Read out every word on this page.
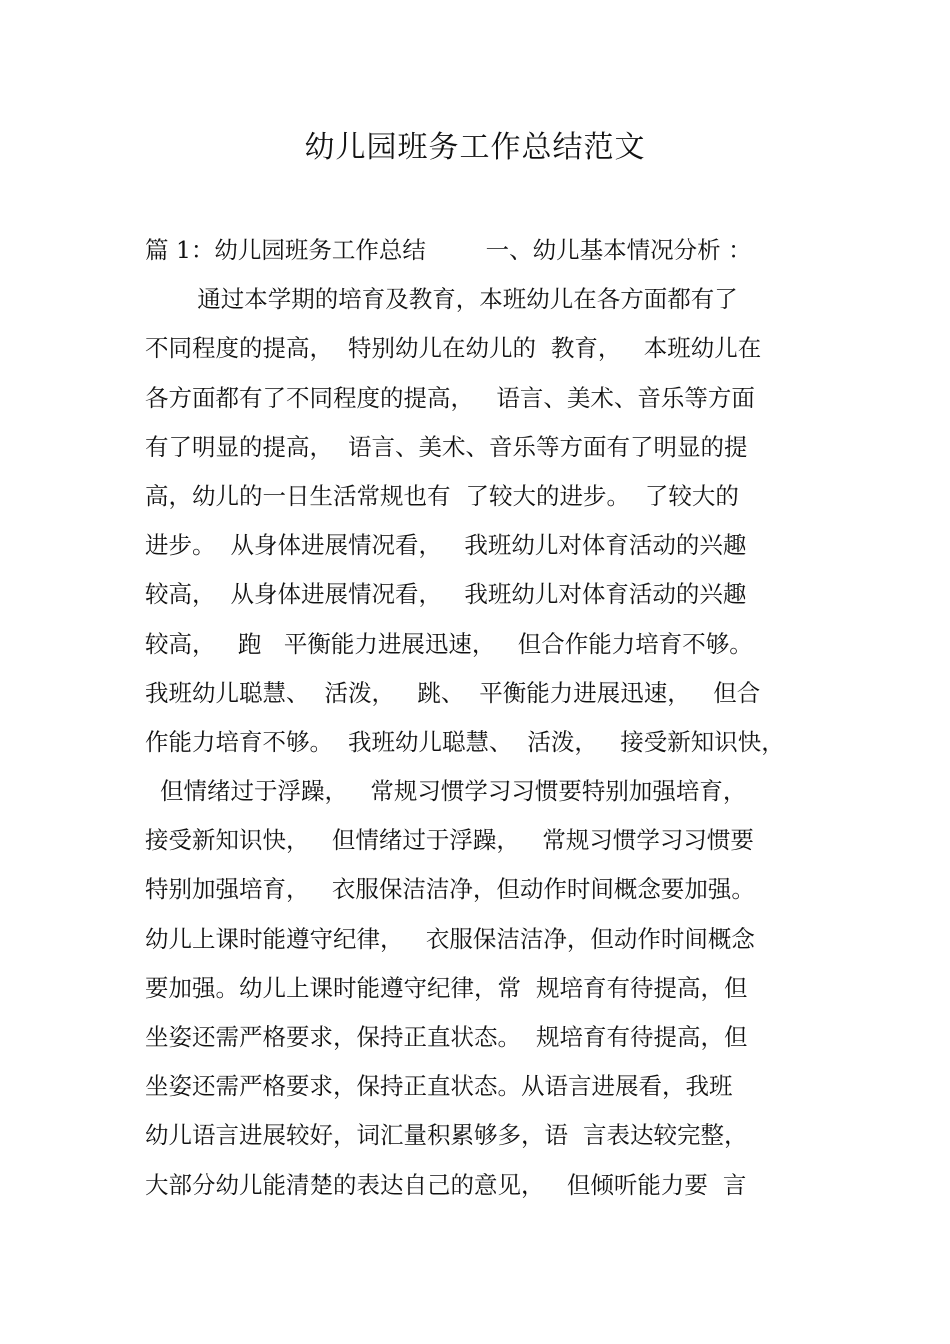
幼儿园班务工作总结范文
篇 1：幼儿园班务工作总结        一、幼儿基本情况分析 ：
通过本学期的培育及教育，本班幼儿在各方面都有了
不同程度的提高，  特别幼儿在幼儿的  教育，   本班幼儿在
各方面都有了不同程度的提高，   语言、美术、音乐等方面
有了明显的提高，  语言、美术、音乐等方面有了明显的提
高，幼儿的一日生活常规也有  了较大的进步。  了较大的
进步。  从身体进展情况看，   我班幼儿对体育活动的兴趣
较高，  从身体进展情况看，   我班幼儿对体育活动的兴趣
较高，   跑   平衡能力进展迅速，   但合作能力培育不够。
我班幼儿聪慧、  活泼，   跳、  平衡能力进展迅速，   但合
作能力培育不够。  我班幼儿聪慧、  活泼，   接受新知识快，
但情绪过于浮躁，   常规习惯学习习惯要特别加强培育，
接受新知识快，   但情绪过于浮躁，   常规习惯学习习惯要
特别加强培育，   衣服保洁洁净，但动作时间概念要加强。
幼儿上课时能遵守纪律，   衣服保洁洁净，但动作时间概念
要加强。幼儿上课时能遵守纪律，常  规培育有待提高，但
坐姿还需严格要求，保持正直状态。  规培育有待提高，但
坐姿还需严格要求，保持正直状态。从语言进展看，我班
幼儿语言进展较好，词汇量积累够多，语  言表达较完整，
大部分幼儿能清楚的表达自己的意见，   但倾听能力要  言
